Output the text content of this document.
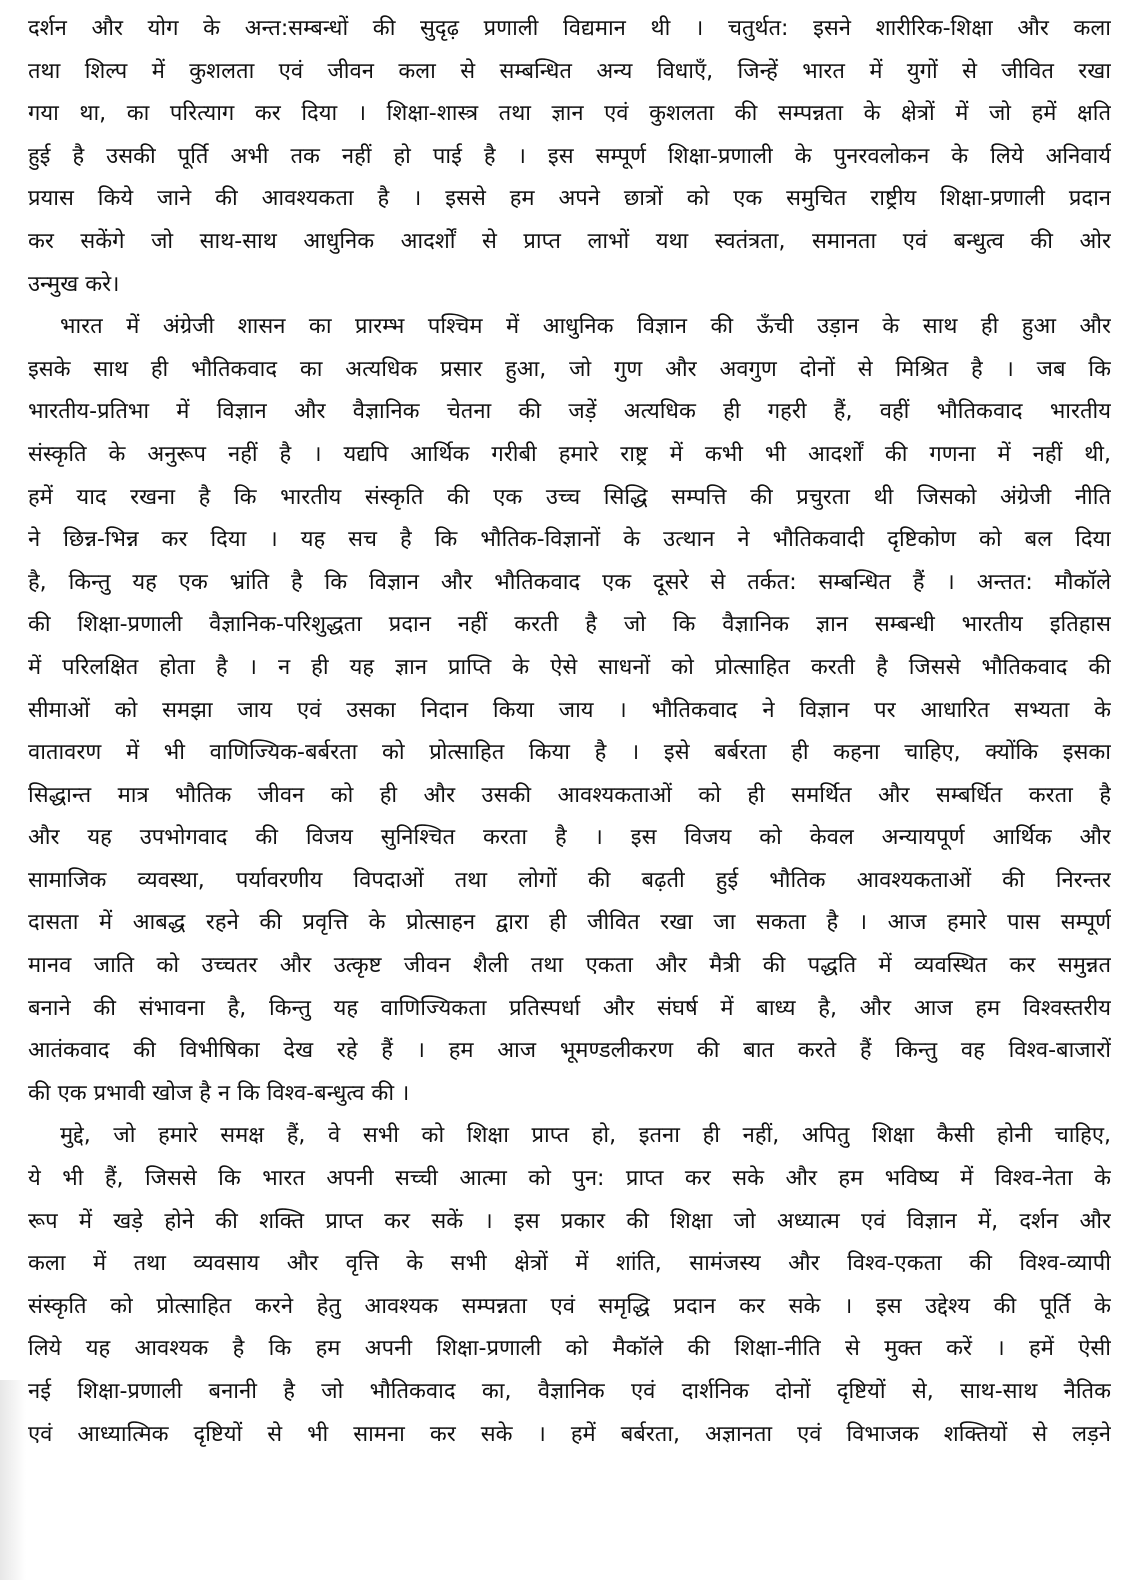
दर्शन और योग के अन्त:सम्बन्धों की सुदृढ़ प्रणाली विद्यमान थी । चतुर्थत: इसने शारीरिक-शिक्षा और कला
तथा शिल्प में कुशलता एवं जीवन कला से सम्बन्धित अन्य विधाएँ, जिन्हें भारत में युगों से जीवित रखा
गया था, का परित्याग कर दिया । शिक्षा-शास्त्र तथा ज्ञान एवं कुशलता की सम्पन्नता के क्षेत्रों में जो हमें क्षति
हुई है उसकी पूर्ति अभी तक नहीं हो पाई है । इस सम्पूर्ण शिक्षा-प्रणाली के पुनरवलोकन के लिये अनिवार्य
प्रयास किये जाने की आवश्यकता है । इससे हम अपने छात्रों को एक समुचित राष्ट्रीय शिक्षा-प्रणाली प्रदान
कर सकेंगे जो साथ-साथ आधुनिक आदर्शों से प्राप्त लाभों यथा स्वतंत्रता, समानता एवं बन्धुत्व की ओर
उन्मुख करे।
भारत में अंग्रेजी शासन का प्रारम्भ पश्चिम में आधुनिक विज्ञान की ऊँची उड़ान के साथ ही हुआ और
इसके साथ ही भौतिकवाद का अत्यधिक प्रसार हुआ, जो गुण और अवगुण दोनों से मिश्रित है । जब कि
भारतीय-प्रतिभा में विज्ञान और वैज्ञानिक चेतना की जड़ें अत्यधिक ही गहरी हैं, वहीं भौतिकवाद भारतीय
संस्कृति के अनुरूप नहीं है । यद्यपि आर्थिक गरीबी हमारे राष्ट्र में कभी भी आदर्शों की गणना में नहीं थी,
हमें याद रखना है कि भारतीय संस्कृति की एक उच्च सिद्धि सम्पत्ति की प्रचुरता थी जिसको अंग्रेजी नीति
ने छिन्न-भिन्न कर दिया । यह सच है कि भौतिक-विज्ञानों के उत्थान ने भौतिकवादी दृष्टिकोण को बल दिया
है, किन्तु यह एक भ्रांति है कि विज्ञान और भौतिकवाद एक दूसरे से तर्कत: सम्बन्धित हैं । अन्तत: मौकॉले
की शिक्षा-प्रणाली वैज्ञानिक-परिशुद्धता प्रदान नहीं करती है जो कि वैज्ञानिक ज्ञान सम्बन्धी भारतीय इतिहास
में परिलक्षित होता है । न ही यह ज्ञान प्राप्ति के ऐसे साधनों को प्रोत्साहित करती है जिससे भौतिकवाद की
सीमाओं को समझा जाय एवं उसका निदान किया जाय । भौतिकवाद ने विज्ञान पर आधारित सभ्यता के
वातावरण में भी वाणिज्यिक-बर्बरता को प्रोत्साहित किया है । इसे बर्बरता ही कहना चाहिए, क्योंकि इसका
सिद्धान्त मात्र भौतिक जीवन को ही और उसकी आवश्यकताओं को ही समर्थित और सम्बर्धित करता है
और यह उपभोगवाद की विजय सुनिश्चित करता है । इस विजय को केवल अन्यायपूर्ण आर्थिक और
सामाजिक व्यवस्था, पर्यावरणीय विपदाओं तथा लोगों की बढ़ती हुई भौतिक आवश्यकताओं की निरन्तर
दासता में आबद्ध रहने की प्रवृत्ति के प्रोत्साहन द्वारा ही जीवित रखा जा सकता है । आज हमारे पास सम्पूर्ण
मानव जाति को उच्चतर और उत्कृष्ट जीवन शैली तथा एकता और मैत्री की पद्धति में व्यवस्थित कर समुन्नत
बनाने की संभावना है, किन्तु यह वाणिज्यिकता प्रतिस्पर्धा और संघर्ष में बाध्य है, और आज हम विश्वस्तरीय
आतंकवाद की विभीषिका देख रहे हैं । हम आज भूमण्डलीकरण की बात करते हैं किन्तु वह विश्व-बाजारों
की एक प्रभावी खोज है न कि विश्व-बन्धुत्व की ।
मुद्दे, जो हमारे समक्ष हैं, वे सभी को शिक्षा प्राप्त हो, इतना ही नहीं, अपितु शिक्षा कैसी होनी चाहिए,
ये भी हैं, जिससे कि भारत अपनी सच्ची आत्मा को पुन: प्राप्त कर सके और हम भविष्य में विश्व-नेता के
रूप में खड़े होने की शक्ति प्राप्त कर सकें । इस प्रकार की शिक्षा जो अध्यात्म एवं विज्ञान में, दर्शन और
कला में तथा व्यवसाय और वृत्ति के सभी क्षेत्रों में शांति, सामंजस्य और विश्व-एकता की विश्व-व्यापी
संस्कृति को प्रोत्साहित करने हेतु आवश्यक सम्पन्नता एवं समृद्धि प्रदान कर सके । इस उद्देश्य की पूर्ति के
लिये यह आवश्यक है कि हम अपनी शिक्षा-प्रणाली को मैकॉले की शिक्षा-नीति से मुक्त करें । हमें ऐसी
नई शिक्षा-प्रणाली बनानी है जो भौतिकवाद का, वैज्ञानिक एवं दार्शनिक दोनों दृष्टियों से, साथ-साथ नैतिक
एवं आध्यात्मिक दृष्टियों से भी सामना कर सके । हमें बर्बरता, अज्ञानता एवं विभाजक शक्तियों से लड़ने
